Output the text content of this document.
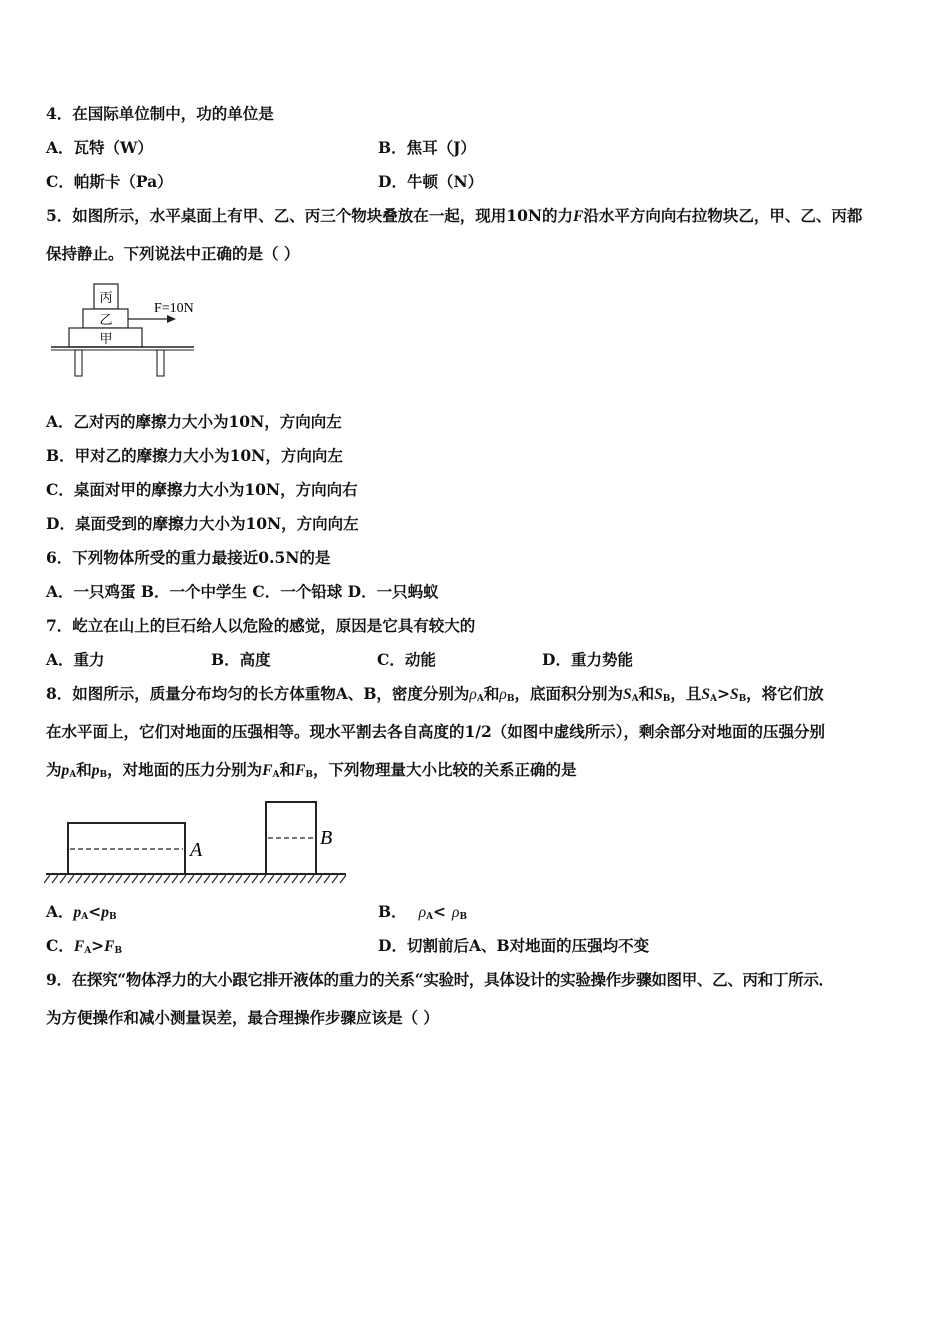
4．在国际单位制中，功的单位是
A．瓦特（W）	B．焦耳（J）
C．帕斯卡（Pa）	D．牛顿（N）
5．如图所示，水平桌面上有甲、乙、丙三个物块叠放在一起，现用10N的力F沿水平方向向右拉物块乙，甲、乙、丙都
保持静止。下列说法中正确的是（ ）
丙
乙
甲
F=10N
A．乙对丙的摩擦力大小为10N，方向向左
B．甲对乙的摩擦力大小为10N，方向向左
C．桌面对甲的摩擦力大小为10N，方向向右
D．桌面受到的摩擦力大小为10N，方向向左
6．下列物体所受的重力最接近0.5N的是
A．一只鸡蛋 B．一个中学生 C．一个铅球 D．一只蚂蚁
7．屹立在山上的巨石给人以危险的感觉，原因是它具有较大的
A．重力	B．高度	C．动能	D．重力势能
8．如图所示，质量分布均匀的长方体重物A、B，密度分别为$\rho_A$和$\rho_B$，底面积分别为$S_A$和$S_B$，且$S_A>S_B$，将它们放
在水平面上，它们对地面的压强相等。现水平割去各自高度的1/2（如图中虚线所示），剩余部分对地面的压强分别
为$p_A$和$p_B$，对地面的压力分别为$F_A$和$F_B$，下列物理量大小比较的关系正确的是
A
B
A．$p_A<p_B$	B． $\rho_A< \rho_B$
C．$F_A>F_B$	D．切割前后A、B对地面的压强均不变
9．在探究“物体浮力的大小跟它排开液体的重力的关系“实验时，具体设计的实验操作步骤如图甲、乙、丙和丁所示．
为方便操作和减小测量误差，最合理操作步骤应该是（ ）
